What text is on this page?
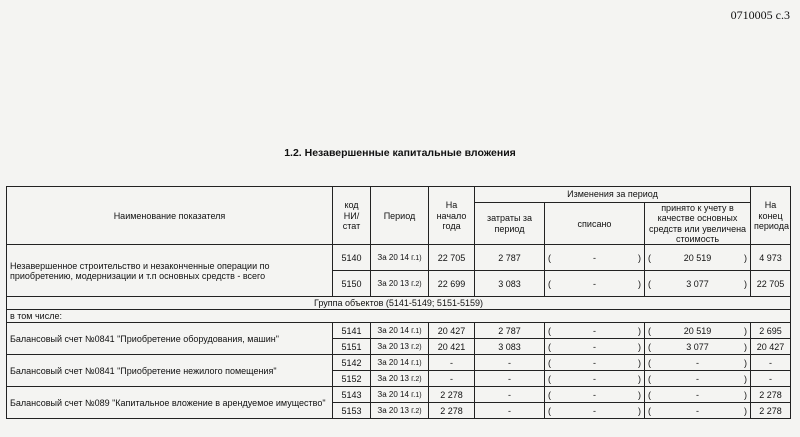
0710005 с.3
1.2. Незавершенные капитальные вложения
Наименование показателя	код НИ/стат	Период	На начало года	Изменения за период			На конец периода
				затраты за период	списано	принято к учету в качестве основных средств или увеличена стоимость	
Незавершенное строительство и незаконченные операции по приобретению, модернизации и т.п основных средств - всего	5140	За 20 14 г.1)	22 705	2 787	( - )	( 20 519 )	4 973
	5150	За 20 13 г.2)	22 699	3 083	( - )	( 3 077 )	22 705
Группа объектов (5141-5149; 5151-5159)							
в том числе:							
Балансовый счет №0841 "Приобретение оборудования, машин"	5141	За 20 14 г.1)	20 427	2 787	( - )	( 20 519 )	2 695
	5151	За 20 13 г.2)	20 421	3 083	( - )	( 3 077 )	20 427
Балансовый счет №0841 "Приобретение нежилого помещения"	5142	За 20 14 г.1)	-	-	( - )	( - )	-
	5152	За 20 13 г.2)	-	-	( - )	( - )	-
Балансовый счет №089 "Капитальное вложение в арендуемое имущество"	5143	За 20 14 г.1)	2 278	-	( - )	( - )	2 278
	5153	За 20 13 г.2)	2 278	-	( - )	( - )	2 278
